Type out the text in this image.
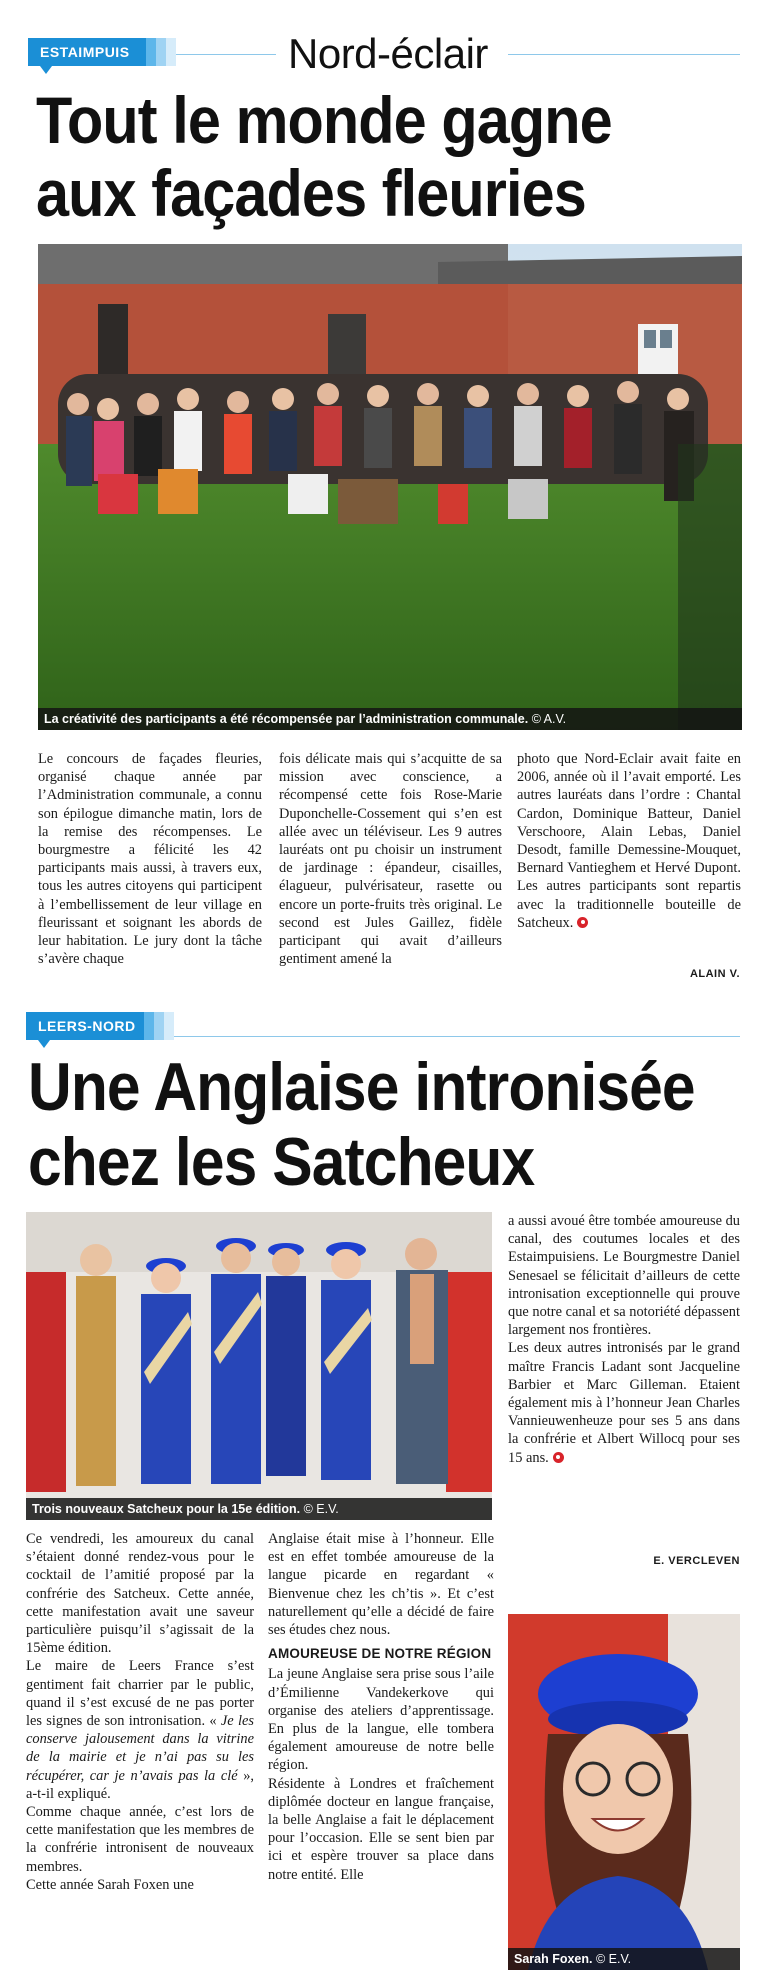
ESTAIMPUIS	Nord-éclair
Tout le monde gagne
aux façades fleuries
La créativité des participants a été récompensée par l’administration communale. © A.V.

Le concours de façades fleuries, organisé chaque année par l’Administration communale, a connu son épilogue dimanche matin, lors de la remise des récompenses. Le bourgmestre a félicité les 42 participants mais aussi, à travers eux, tous les autres citoyens qui participent à l’embellissement de leur village en fleurissant et soignant les abords de leur habitation. Le jury dont la tâche s’avère chaque

fois délicate mais qui s’acquitte de sa mission avec conscience, a récompensé cette fois Rose-Marie Duponchelle-Cossement qui s’en est allée avec un téléviseur. Les 9 autres lauréats ont pu choisir un instrument de jardinage : épandeur, cisailles, élagueur, pulvérisateur, rasette ou encore un porte-fruits très original. Le second est Jules Gaillez, fidèle participant qui avait d’ailleurs gentiment amené la

photo que Nord-Eclair avait faite en 2006, année où il l’avait emporté. Les autres lauréats dans l’ordre : Chantal Cardon, Dominique Batteur, Daniel Verschoore, Alain Lebas, Daniel Desodt, famille Demessine-Mouquet, Bernard Vantieghem et Hervé Dupont. Les autres participants sont repartis avec la traditionnelle bouteille de Satcheux.

ALAIN V.
LEERS-NORD
Une Anglaise intronisée
chez les Satcheux
Trois nouveaux Satcheux pour la 15e édition. © E.V.

a aussi avoué être tombée amoureuse du canal, des coutumes locales et des Estaimpuisiens. Le Bourgmestre Daniel Senesael se félicitait d’ailleurs de cette intronisation exceptionnelle qui prouve que notre canal et sa notoriété dépassent largement nos frontières.

Les deux autres intronisés par le grand maître Francis Ladant sont Jacqueline Barbier et Marc Gilleman. Etaient également mis à l’honneur Jean Charles Vannieuwenheuze pour ses 5 ans dans la confrérie et Albert Willocq pour ses 15 ans.

E. VERCLEVEN

Ce vendredi, les amoureux du canal s’étaient donné rendez-vous pour le cocktail de l’amitié proposé par la confrérie des Satcheux. Cette année, cette manifestation avait une saveur particulière puisqu’il s’agissait de la 15ème édition.

Le maire de Leers France s’est gentiment fait charrier par le public, quand il s’est excusé de ne pas porter les signes de son intronisation. « Je les conserve jalousement dans la vitrine de la mairie et je n’ai pas su les récupérer, car je n’avais pas la clé », a-t-il expliqué.

Comme chaque année, c’est lors de cette manifestation que les membres de la confrérie intronisent de nouveaux membres.

Cette année Sarah Foxen une

Anglaise était mise à l’honneur. Elle est en effet tombée amoureuse de la langue picarde en regardant « Bienvenue chez les ch’tis ». Et c’est naturellement qu’elle a décidé de faire ses études chez nous.

AMOUREUSE DE NOTRE RÉGION

La jeune Anglaise sera prise sous l’aile d’Émilienne Vandekerkove qui organise des ateliers d’apprentissage. En plus de la langue, elle tombera également amoureuse de notre belle région.

Résidente à Londres et fraîchement diplômée docteur en langue française, la belle Anglaise a fait le déplacement pour l’occasion. Elle se sent bien par ici et espère trouver sa place dans notre entité. Elle

Sarah Foxen. © E.V.
